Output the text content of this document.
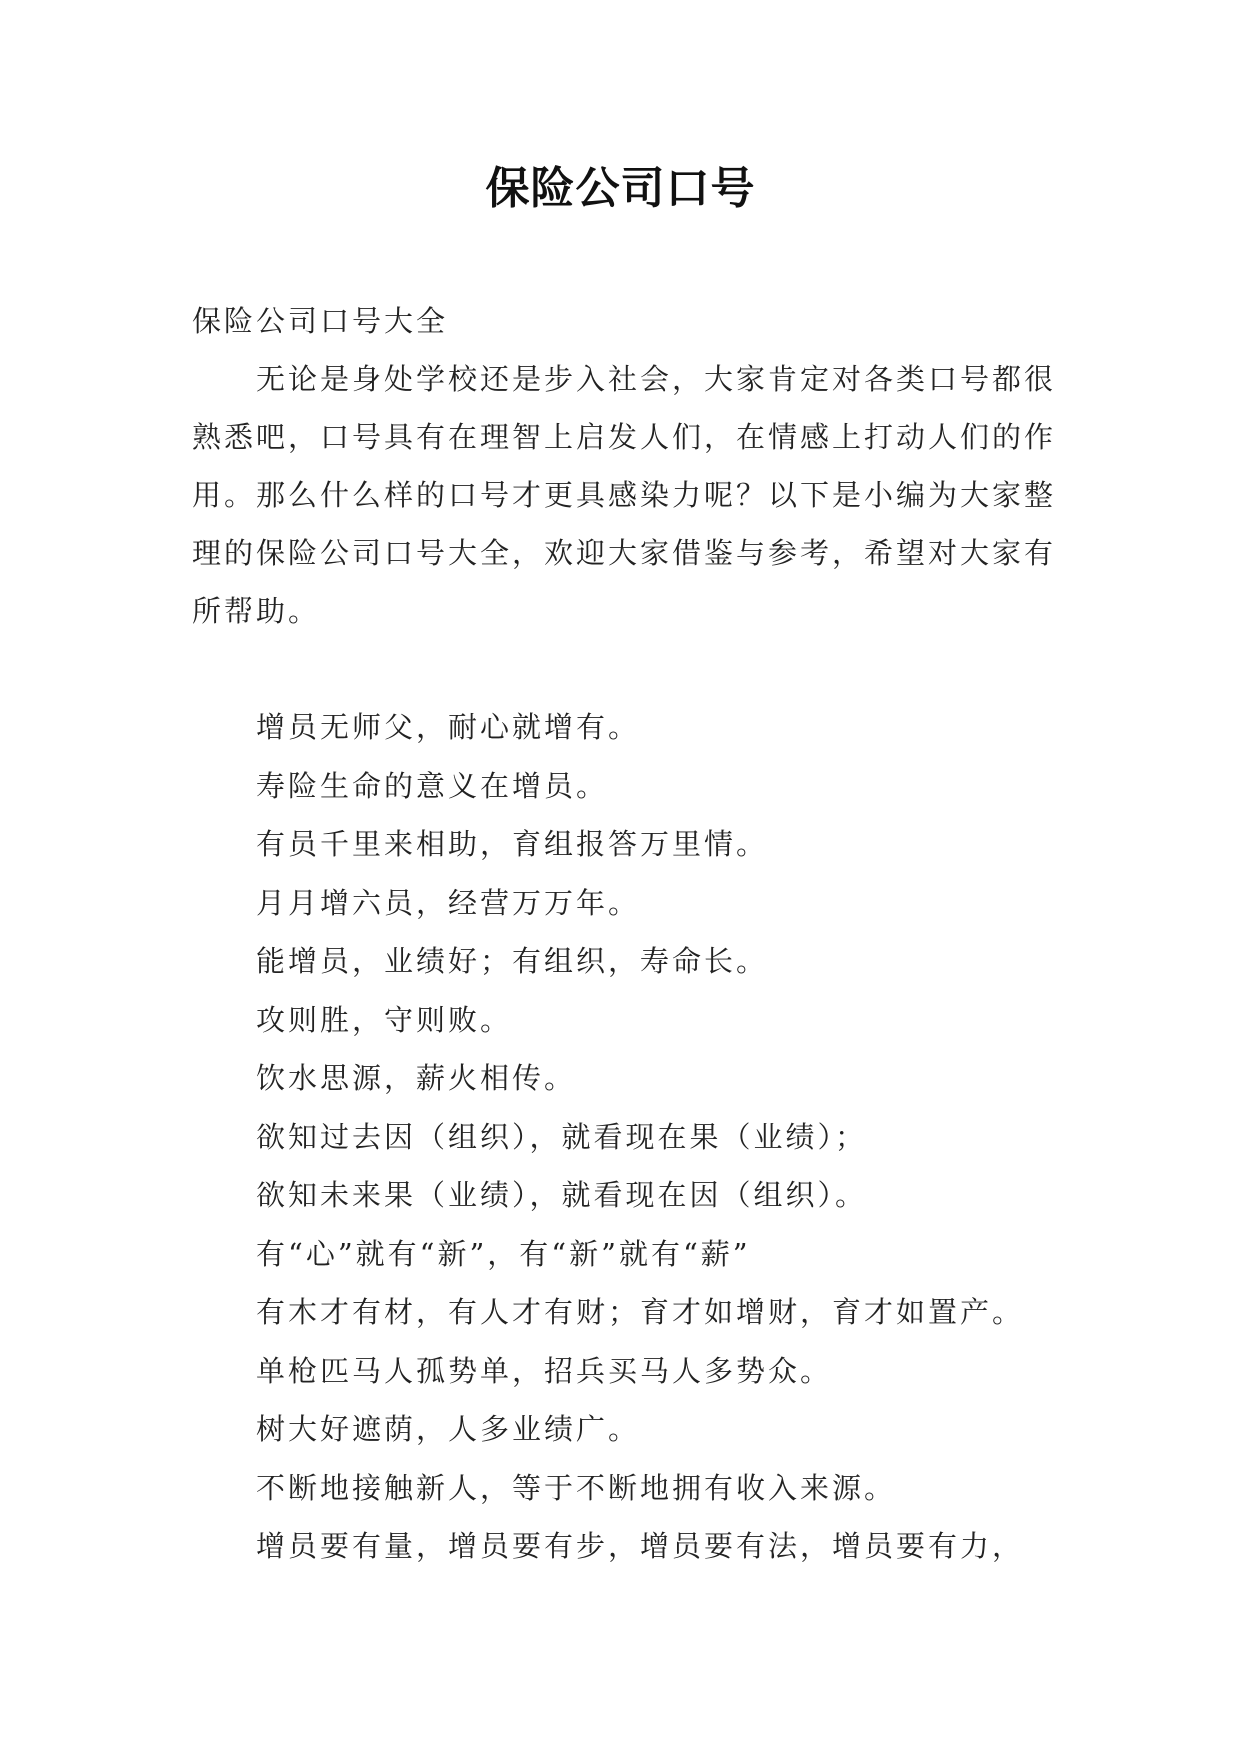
保险公司口号
保险公司口号大全

无论是身处学校还是步入社会，大家肯定对各类口号都很熟悉吧，口号具有在理智上启发人们，在情感上打动人们的作用。那么什么样的口号才更具感染力呢？以下是小编为大家整理的保险公司口号大全，欢迎大家借鉴与参考，希望对大家有所帮助。

增员无师父，耐心就增有。
寿险生命的意义在增员。
有员千里来相助，育组报答万里情。
月月增六员，经营万万年。
能增员，业绩好；有组织，寿命长。
攻则胜，守则败。
饮水思源，薪火相传。
欲知过去因（组织），就看现在果（业绩）；
欲知未来果（业绩），就看现在因（组织）。
有“心”就有“新”，有“新”就有“薪”
有木才有材，有人才有财；育才如增财，育才如置产。
单枪匹马人孤势单，招兵买马人多势众。
树大好遮荫，人多业绩广。
不断地接触新人，等于不断地拥有收入来源。
增员要有量，增员要有步，增员要有法，增员要有力，
